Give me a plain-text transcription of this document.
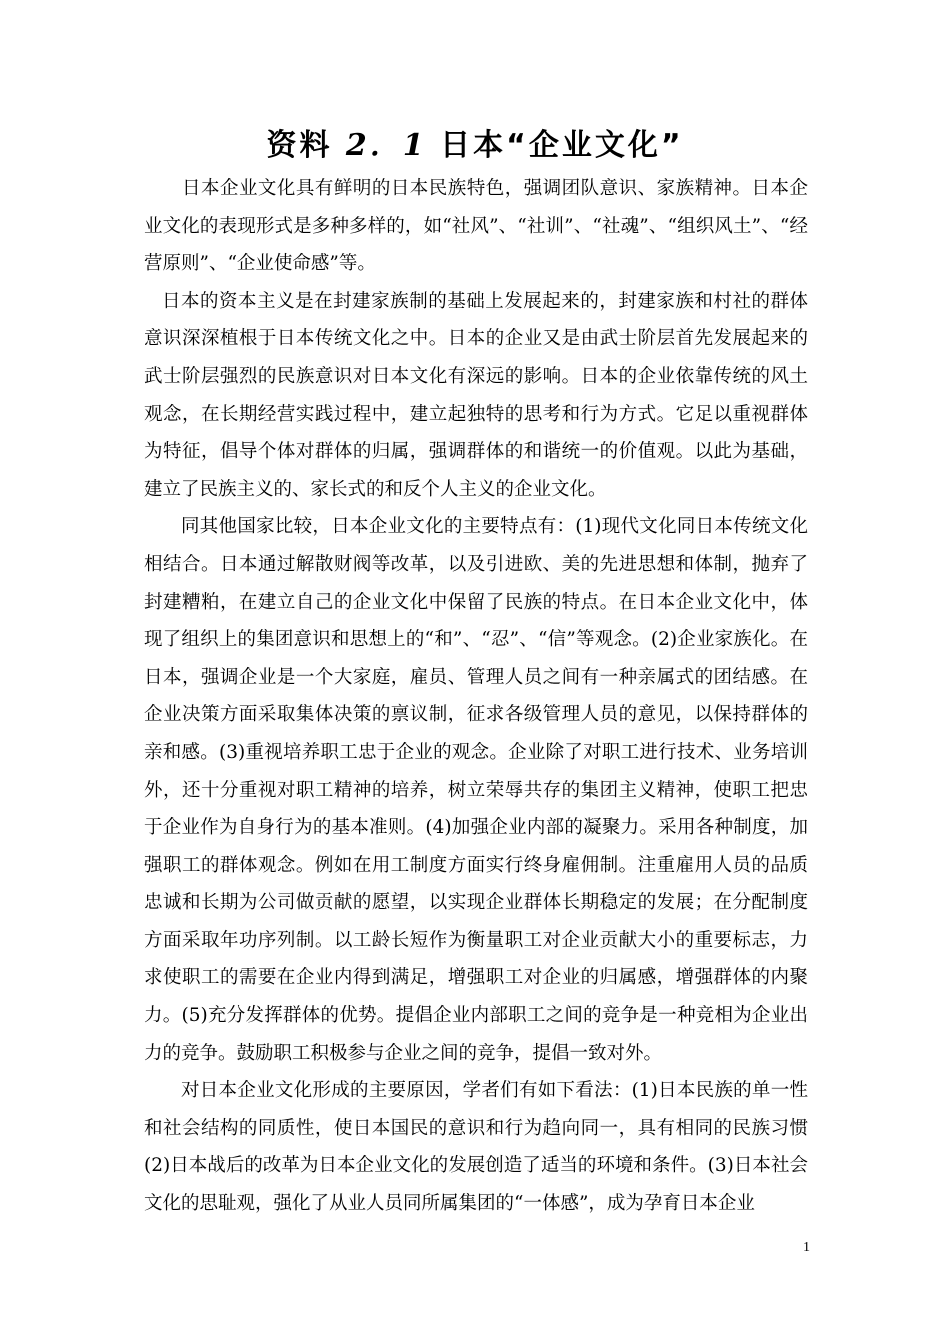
资料 2．1 日本“企业文化”

日本企业文化具有鲜明的日本民族特色，强调团队意识、家族精神。日本企业文化的表现形式是多种多样的，如“社风”、“社训”、“社魂”、“组织风土”、“经营原则”、“企业使命感”等。

日本的资本主义是在封建家族制的基础上发展起来的，封建家族和村社的群体意识深深植根于日本传统文化之中。日本的企业又是由武士阶层首先发展起来的武士阶层强烈的民族意识对日本文化有深远的影响。日本的企业依靠传统的风土观念，在长期经营实践过程中，建立起独特的思考和行为方式。它足以重视群体为特征，倡导个体对群体的归属，强调群体的和谐统一的价值观。以此为基础，建立了民族主义的、家长式的和反个人主义的企业文化。

同其他国家比较，日本企业文化的主要特点有：(1)现代文化同日本传统文化相结合。日本通过解散财阀等改革，以及引进欧、美的先进思想和体制，抛弃了封建糟粕，在建立自己的企业文化中保留了民族的特点。在日本企业文化中，体现了组织上的集团意识和思想上的“和”、“忍”、“信”等观念。(2)企业家族化。在日本，强调企业是一个大家庭，雇员、管理人员之间有一种亲属式的团结感。在企业决策方面采取集体决策的禀议制，征求各级管理人员的意见，以保持群体的亲和感。(3)重视培养职工忠于企业的观念。企业除了对职工进行技术、业务培训外，还十分重视对职工精神的培养，树立荣辱共存的集团主义精神，使职工把忠于企业作为自身行为的基本准则。(4)加强企业内部的凝聚力。采用各种制度，加强职工的群体观念。例如在用工制度方面实行终身雇佣制。注重雇用人员的品质忠诚和长期为公司做贡献的愿望，以实现企业群体长期稳定的发展；在分配制度方面采取年功序列制。以工龄长短作为衡量职工对企业贡献大小的重要标志，力求使职工的需要在企业内得到满足，增强职工对企业的归属感，增强群体的内聚力。(5)充分发挥群体的优势。提倡企业内部职工之间的竞争是一种竞相为企业出力的竞争。鼓励职工积极参与企业之间的竞争，提倡一致对外。

对日本企业文化形成的主要原因，学者们有如下看法：(1)日本民族的单一性和社会结构的同质性，使日本国民的意识和行为趋向同一，具有相同的民族习惯(2)日本战后的改革为日本企业文化的发展创造了适当的环境和条件。(3)日本社会文化的思耻观，强化了从业人员同所属集团的“一体感”，成为孕育日本企业

1
